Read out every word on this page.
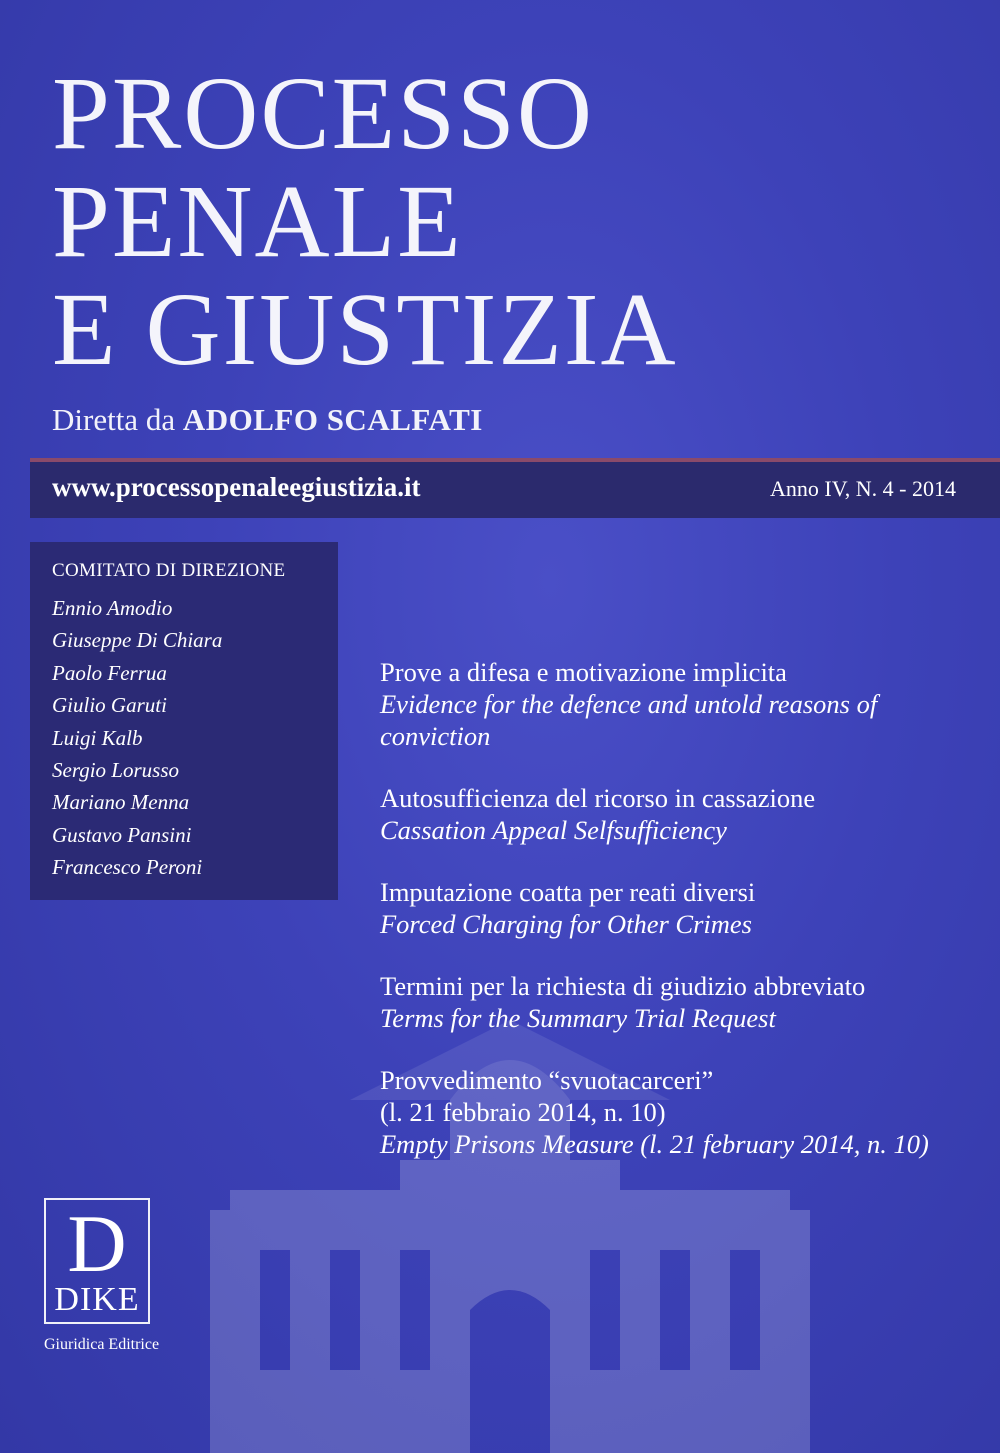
PROCESSO
PENALE
E GIUSTIZIA
Diretta da ADOLFO SCALFATI
www.processopenaleegiustizia.it	Anno IV, N. 4 - 2014
COMITATO DI DIREZIONE
Ennio Amodio
Giuseppe Di Chiara
Paolo Ferrua
Giulio Garuti
Luigi Kalb
Sergio Lorusso
Mariano Menna
Gustavo Pansini
Francesco Peroni
Prove a difesa e motivazione implicita
Evidence for the defence and untold reasons of conviction
Autosufficienza del ricorso in cassazione
Cassation Appeal Selfsufficiency
Imputazione coatta per reati diversi
Forced Charging for Other Crimes
Termini per la richiesta di giudizio abbreviato
Terms for the Summary Trial Request
Provvedimento “svuotacarceri”
(l. 21 febbraio 2014, n. 10)
Empty Prisons Measure (l. 21 february 2014, n. 10)
D
DIKE
Giuridica Editrice
